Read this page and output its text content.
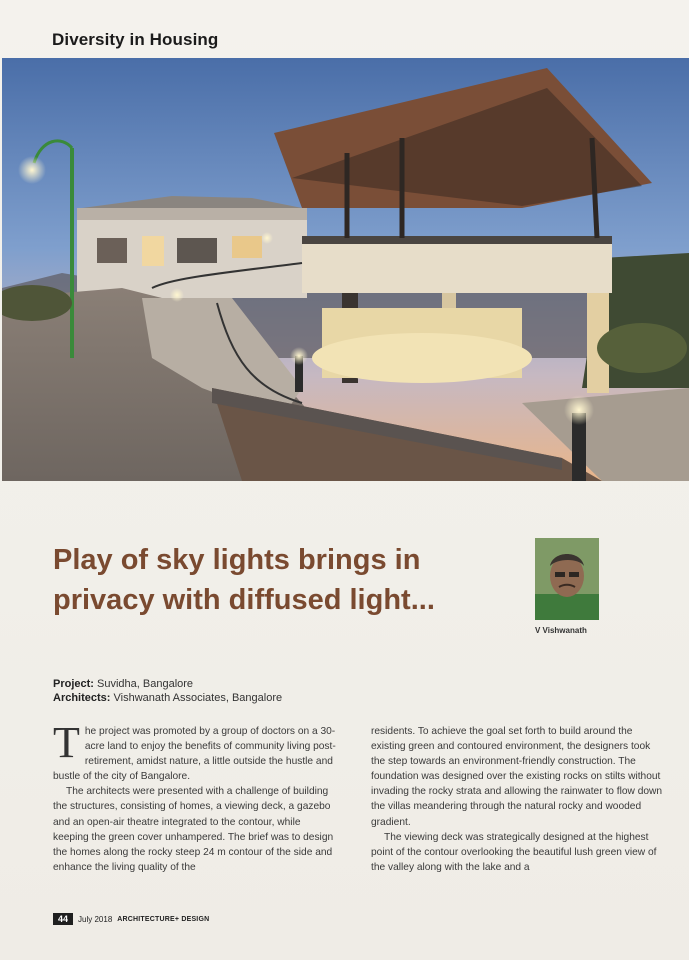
Diversity in Housing
Play of sky lights brings in privacy with diffused light...
V Vishwanath
Project: Suvidha, Bangalore
Architects: Vishwanath Associates, Bangalore

The project was promoted by a group of doctors on a 30-acre land to enjoy the benefits of community living post-retirement, amidst nature, a little outside the hustle and bustle of the city of Bangalore.

The architects were presented with a challenge of building the structures, consisting of homes, a viewing deck, a gazebo and an open-air theatre integrated to the contour, while keeping the green cover unhampered. The brief was to design the homes along the rocky steep 24 m contour of the side and enhance the living quality of the

residents. To achieve the goal set forth to build around the existing green and contoured environment, the designers took the step towards an environment-friendly construction. The foundation was designed over the existing rocks on stilts without invading the rocky strata and allowing the rainwater to flow down the villas meandering through the natural rocky and wooded gradient.

The viewing deck was strategically designed at the highest point of the contour overlooking the beautiful lush green view of the valley along with the lake and a

44	July 2018 ARCHITECTURE+ DESIGN
